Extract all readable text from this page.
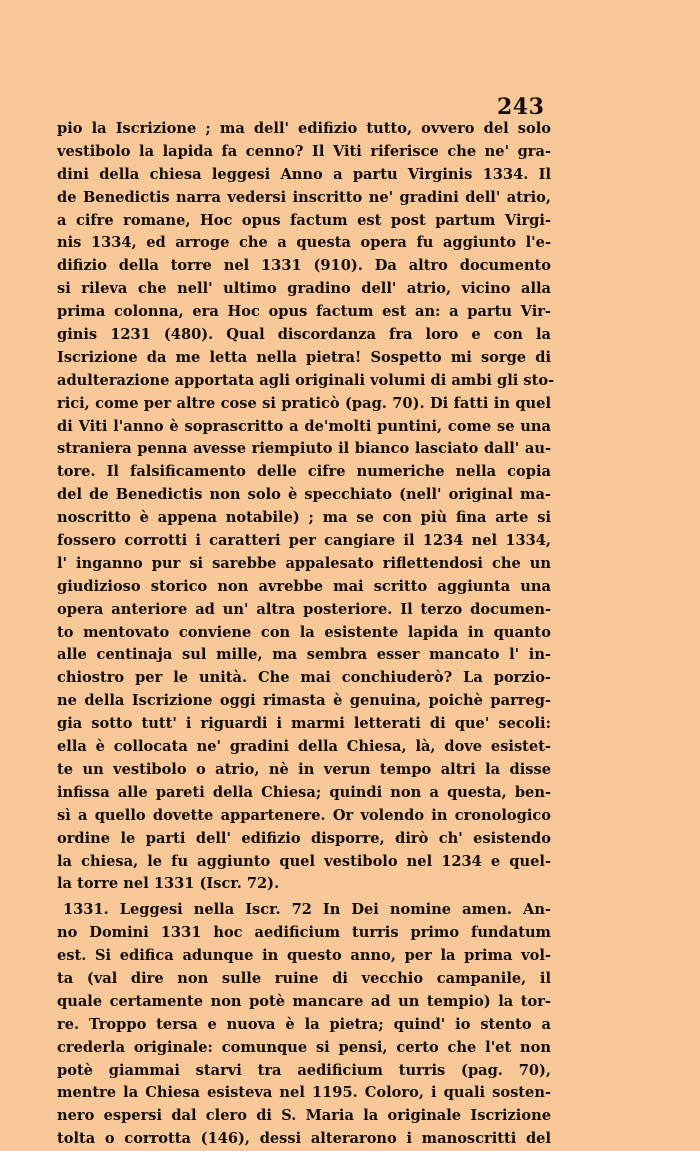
243
pio la Iscrizione ; ma dell' edifizio tutto, ovvero del solo
vestibolo la lapida fa cenno? Il Viti riferisce che ne' gra-
dini della chiesa leggesi Anno a partu Virginis 1334. Il
de Benedictis narra vedersi inscritto ne' gradini dell' atrio,
a cifre romane, Hoc opus factum est post partum Virgi-
nis 1334, ed arroge che a questa opera fu aggiunto l'e-
difizio della torre nel 1331 (910). Da altro documento
si rileva che nell' ultimo gradino dell' atrio, vicino alla
prima colonna, era Hoc opus factum est an: a partu Vir-
ginis 1231 (480). Qual discordanza fra loro e con la
Iscrizione da me letta nella pietra! Sospetto mi sorge di
adulterazione apportata agli originali volumi di ambi gli sto-
rici, come per altre cose si praticò (pag. 70). Di fatti in quel
di Viti l'anno è soprascritto a de'molti puntini, come se una
straniera penna avesse riempiuto il bianco lasciato dall' au-
tore. Il falsificamento delle cifre numeriche nella copia
del de Benedictis non solo è specchiato (nell' original ma-
noscritto è appena notabile) ; ma se con più fina arte si
fossero corrotti i caratteri per cangiare il 1234 nel 1334,
l' inganno pur si sarebbe appalesato riflettendosi che un
giudizioso storico non avrebbe mai scritto aggiunta una
opera anteriore ad un' altra posteriore. Il terzo documen-
to mentovato conviene con la esistente lapida in quanto
alle centinaja sul mille, ma sembra esser mancato l' in-
chiostro per le unità. Che mai conchiuderò? La porzio-
ne della Iscrizione oggi rimasta è genuina, poichè parreg-
gia sotto tutt' i riguardi i marmi letterati di que' secoli:
ella è collocata ne' gradini della Chiesa, là, dove esistet-
te un vestibolo o atrio, nè in verun tempo altri la disse
infissa alle pareti della Chiesa; quindi non a questa, ben-
sì a quello dovette appartenere. Or volendo in cronologico
ordine le parti dell' edifizio disporre, dirò ch' esistendo
la chiesa, le fu aggiunto quel vestibolo nel 1234 e quel-
la torre nel 1331 (Iscr. 72).
1331. Leggesi nella Iscr. 72 In Dei nomine amen. An-
no Domini 1331 hoc aedificium turris primo fundatum
est. Si edifica adunque in questo anno, per la prima vol-
ta (val dire non sulle ruine di vecchio campanile, il
quale certamente non potè mancare ad un tempio) la tor-
re. Troppo tersa e nuova è la pietra; quind' io stento a
crederla originale: comunque si pensi, certo che l'et non
potè giammai starvi tra aedificium turris (pag. 70),
mentre la Chiesa esisteva nel 1195. Coloro, i quali sosten-
nero espersi dal clero di S. Maria la originale Iscrizione
tolta o corrotta (146), dessi alterarono i manoscritti del
